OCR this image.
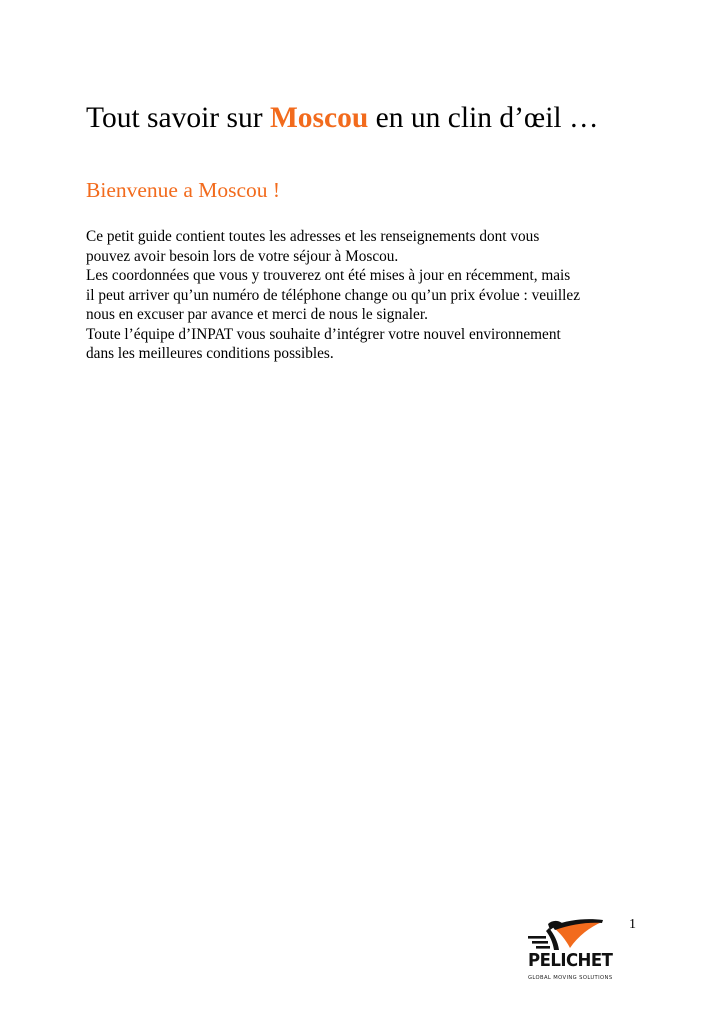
Tout savoir sur Moscou en un clin d’œil …
Bienvenue a Moscou !

Ce petit guide contient toutes les adresses et les renseignements dont vous
pouvez avoir besoin lors de votre séjour à Moscou.
Les coordonnées que vous y trouverez ont été mises à jour en récemment, mais
il peut arriver qu’un numéro de téléphone change ou qu’un prix évolue : veuillez
nous en excuser par avance et merci de nous le signaler.
Toute l’équipe d’INPAT vous souhaite d’intégrer votre nouvel environnement
dans les meilleures conditions possibles.

1
PELICHET
GLOBAL MOVING SOLUTIONS
